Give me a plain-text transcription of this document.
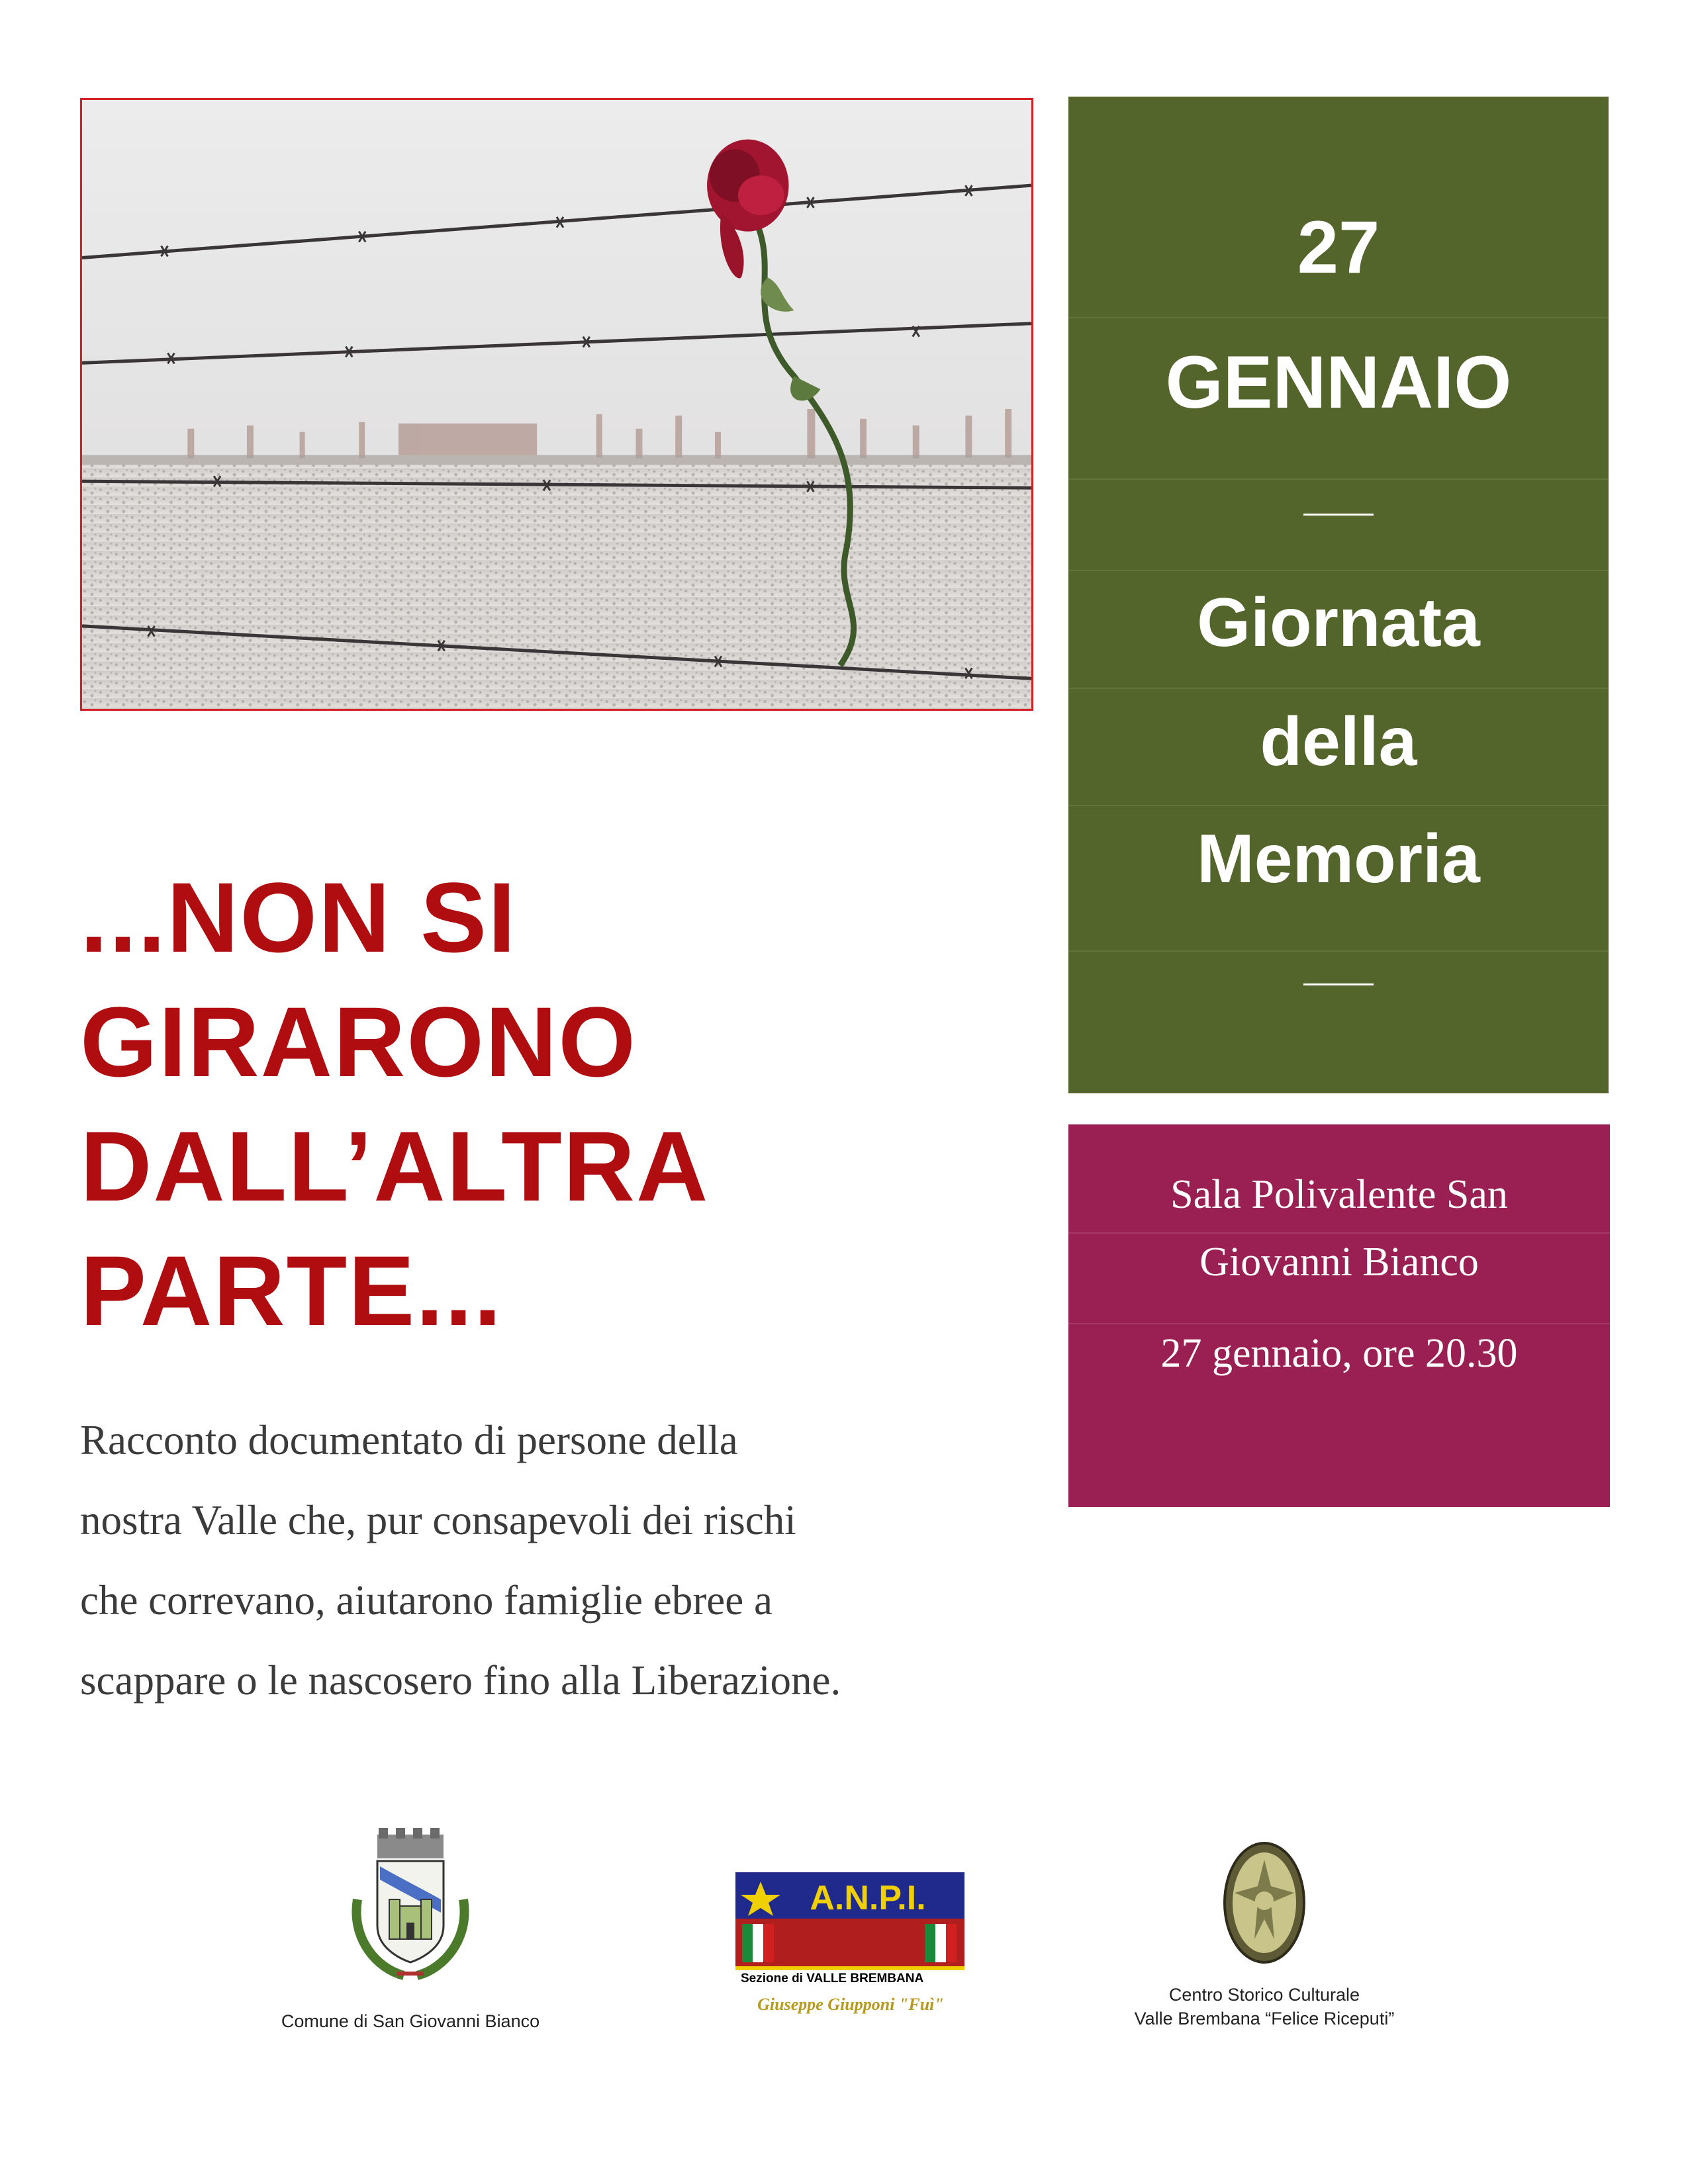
27
GENNAIO
Giornata
della
Memoria
Sala Polivalente San
Giovanni Bianco
27 gennaio, ore 20.30
...NON SI
GIRARONO
DALL’ALTRA
PARTE...
Racconto documentato di persone della
nostra Valle che, pur consapevoli dei rischi
che correvano, aiutarono famiglie ebree a
scappare o le nascosero fino alla Liberazione.
Comune di San Giovanni Bianco
A.N.P.I.
Sezione di VALLE BREMBANA
Giuseppe Giupponi "Fuì"	Centro Storico Culturale
Valle Brembana “Felice Riceputi”
